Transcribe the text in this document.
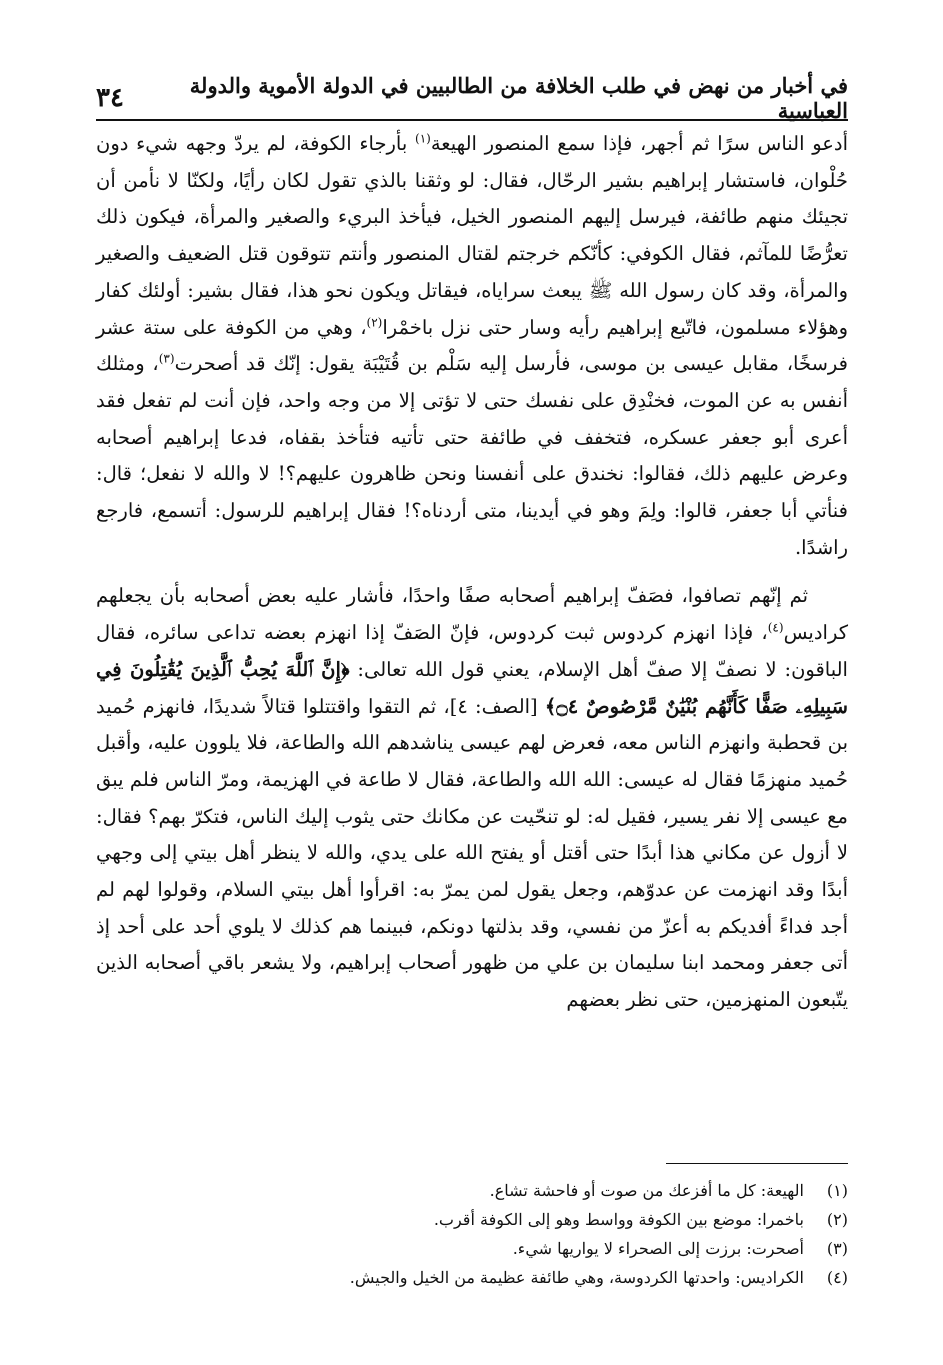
في أخبار من نهض في طلب الخلافة من الطالبيين في الدولة الأموية والدولة العباسية
٣٤

أدعو الناس سرًا ثم أجهر، فإذا سمع المنصور الهيعة$^{(١)}$ بأرجاء الكوفة، لم يردّ وجهه شيء دون حُلْوان، فاستشار إبراهيم بشير الرحّال، فقال: لو وثقنا بالذي تقول لكان رأيًا، ولكنّا لا نأمن أن تجيئك منهم طائفة، فيرسل إليهم المنصور الخيل، فيأخذ البريء والصغير والمرأة، فيكون ذلك تعرُّضًا للمآثم، فقال الكوفي: كأنّكم خرجتم لقتال المنصور وأنتم تتوقون قتل الضعيف والصغير والمرأة، وقد كان رسول الله ﷺ يبعث سراياه، فيقاتل ويكون نحو هذا، فقال بشير: أولئك كفار وهؤلاء مسلمون، فاتّبع إبراهيم رأيه وسار حتى نزل باخمْرا$^{(٢)}$، وهي من الكوفة على ستة عشر فرسخًا، مقابل عيسى بن موسى، فأرسل إليه سَلْم بن قُتَيْبَة يقول: إنّك قد أصحرت$^{(٣)}$، ومثلك أنفس به عن الموت، فخنْدِق على نفسك حتى لا تؤتى إلا من وجه واحد، فإن أنت لم تفعل فقد أعرى أبو جعفر عسكره، فتخفف في طائفة حتى تأتيه فتأخذ بقفاه، فدعا إبراهيم أصحابه وعرض عليهم ذلك، فقالوا: نخندق على أنفسنا ونحن ظاهرون عليهم؟! لا والله لا نفعل؛ قال: فنأتي أبا جعفر، قالوا: ولِمَ وهو في أيدينا، متى أردناه؟! فقال إبراهيم للرسول: أتسمع، فارجع راشدًا.

ثم إنّهم تصافوا، فصَفّ إبراهيم أصحابه صفًا واحدًا، فأشار عليه بعض أصحابه بأن يجعلهم كراديس$^{(٤)}$، فإذا انهزم كردوس ثبت كردوس، فإنّ الصَفّ إذا انهزم بعضه تداعى سائره، فقال الباقون: لا نصفّ إلا صفّ أهل الإسلام، يعني قول الله تعالى: ﴿إِنَّ ٱللَّهَ يُحِبُّ ٱلَّذِينَ يُقَٰتِلُونَ فِي سَبِيلِهِۦ صَفًّا كَأَنَّهُم بُنْيَٰنٌ مَّرْصُوصٌ ۝٤﴾ [الصف: ٤]، ثم التقوا واقتتلوا قتالاً شديدًا، فانهزم حُميد بن قحطبة وانهزم الناس معه، فعرض لهم عيسى يناشدهم الله والطاعة، فلا يلوون عليه، وأقبل حُميد منهزمًا فقال له عيسى: الله الله والطاعة، فقال لا طاعة في الهزيمة، ومرّ الناس فلم يبق مع عيسى إلا نفر يسير، فقيل له: لو تنحّيت عن مكانك حتى يثوب إليك الناس، فتكرّ بهم؟ فقال: لا أزول عن مكاني هذا أبدًا حتى أقتل أو يفتح الله على يدي، والله لا ينظر أهل بيتي إلى وجهي أبدًا وقد انهزمت عن عدوّهم، وجعل يقول لمن يمرّ به: اقرأوا أهل بيتي السلام، وقولوا لهم لم أجد فداءً أفديكم به أعزّ من نفسي، وقد بذلتها دونكم، فبينما هم كذلك لا يلوي أحد على أحد إذ أتى جعفر ومحمد ابنا سليمان بن علي من ظهور أصحاب إبراهيم، ولا يشعر باقي أصحابه الذين يتّبعون المنهزمين، حتى نظر بعضهم

(١)
الهيعة: كل ما أفزعك من صوت أو فاحشة تشاع.
(٢)
باخمرا: موضع بين الكوفة وواسط وهو إلى الكوفة أقرب.
(٣)
أصحرت: برزت إلى الصحراء لا يواريها شيء.
(٤)
الكراديس: واحدتها الكردوسة، وهي طائفة عظيمة من الخيل والجيش.
